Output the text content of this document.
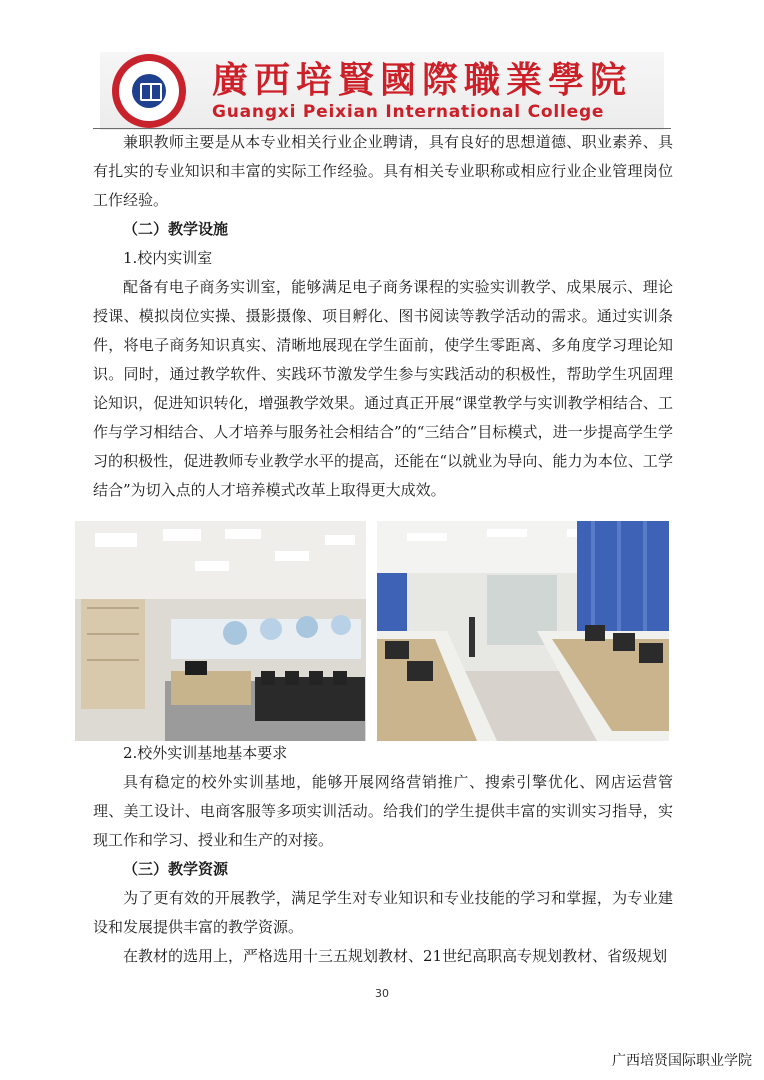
廣西培賢國際職業學院
Guangxi Peixian International College

兼职教师主要是从本专业相关行业企业聘请，具有良好的思想道德、职业素养、具有扎实的专业知识和丰富的实际工作经验。具有相关专业职称或相应行业企业管理岗位工作经验。

（二）教学设施

1.校内实训室

配备有电子商务实训室，能够满足电子商务课程的实验实训教学、成果展示、理论授课、模拟岗位实操、摄影摄像、项目孵化、图书阅读等教学活动的需求。通过实训条件，将电子商务知识真实、清晰地展现在学生面前，使学生零距离、多角度学习理论知识。同时，通过教学软件、实践环节激发学生参与实践活动的积极性，帮助学生巩固理论知识，促进知识转化，增强教学效果。通过真正开展“课堂教学与实训教学相结合、工作与学习相结合、人才培养与服务社会相结合”的“三结合”目标模式，进一步提高学生学习的积极性，促进教师专业教学水平的提高，还能在“以就业为导向、能力为本位、工学结合”为切入点的人才培养模式改革上取得更大成效。

2.校外实训基地基本要求

具有稳定的校外实训基地，能够开展网络营销推广、搜索引擎优化、网店运营管理、美工设计、电商客服等多项实训活动。给我们的学生提供丰富的实训实习指导，实现工作和学习、授业和生产的对接。

（三）教学资源

为了更有效的开展教学，满足学生对专业知识和专业技能的学习和掌握，为专业建设和发展提供丰富的教学资源。

在教材的选用上，严格选用十三五规划教材、21世纪高职高专规划教材、省级规划

30
广西培贤国际职业学院
